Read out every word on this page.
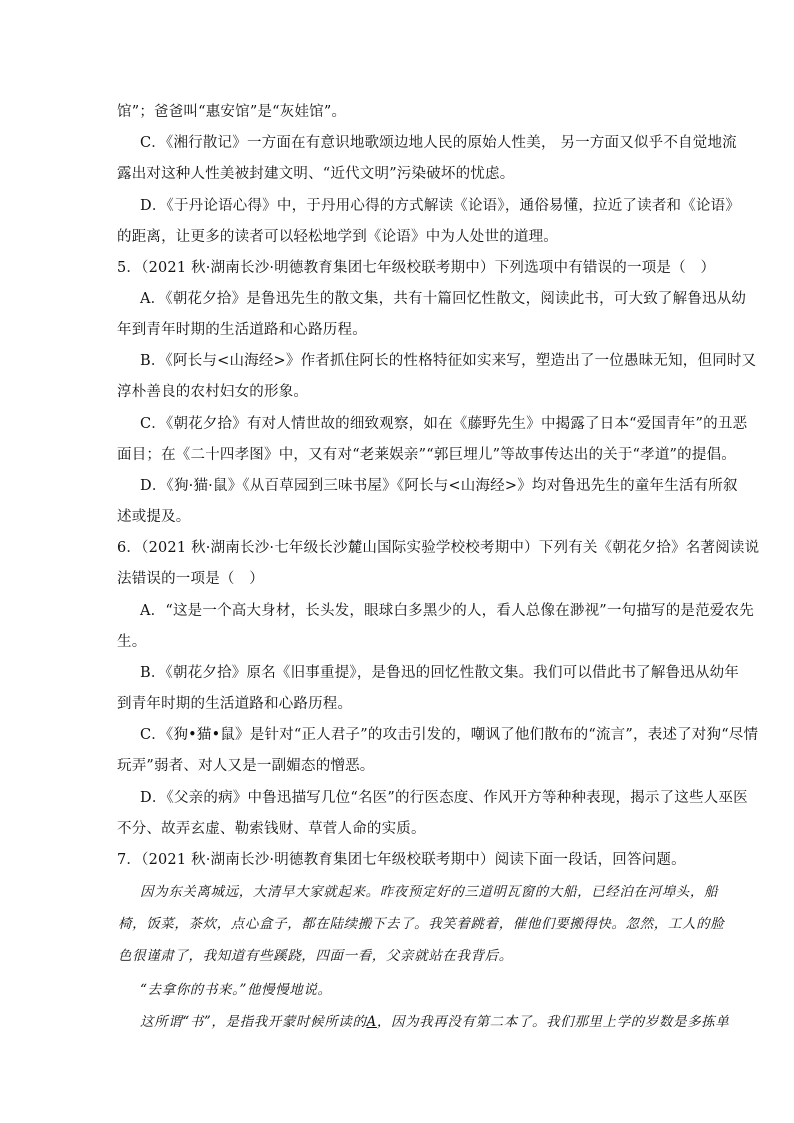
馆”；爸爸叫“惠安馆”是“灰娃馆”。
C．《湘行散记》一方面在有意识地歌颂边地人民的原始人性美， 另一方面又似乎不自觉地流
露出对这种人性美被封建文明、“近代文明”污染破坏的忧虑。
D．《于丹论语心得》中，于丹用心得的方式解读《论语》，通俗易懂，拉近了读者和《论语》
的距离，让更多的读者可以轻松地学到《论语》中为人处世的道理。
5．（2021 秋·湖南长沙·明德教育集团七年级校联考期中）下列选项中有错误的一项是（　）
A．《朝花夕拾》是鲁迅先生的散文集，共有十篇回忆性散文，阅读此书，可大致了解鲁迅从幼
年到青年时期的生活道路和心路历程。
B．《阿长与<山海经>》作者抓住阿长的性格特征如实来写，塑造出了一位愚昧无知，但同时又
淳朴善良的农村妇女的形象。
C．《朝花夕拾》有对人情世故的细致观察，如在《藤野先生》中揭露了日本“爱国青年”的丑恶
面目；在《二十四孝图》中，又有对“老莱娱亲”“郭巨埋儿”等故事传达出的关于“孝道”的提倡。
D．《狗·猫·鼠》《从百草园到三味书屋》《阿长与<山海经>》均对鲁迅先生的童年生活有所叙
述或提及。
6．（2021 秋·湖南长沙·七年级长沙麓山国际实验学校校考期中）下列有关《朝花夕拾》名著阅读说
法错误的一项是（　）
A．“这是一个高大身材，长头发，眼球白多黑少的人，看人总像在渺视”一句描写的是范爱农先
生。
B．《朝花夕拾》原名《旧事重提》，是鲁迅的回忆性散文集。我们可以借此书了解鲁迅从幼年
到青年时期的生活道路和心路历程。
C．《狗•猫•鼠》是针对“正人君子”的攻击引发的，嘲讽了他们散布的“流言”，表述了对狗“尽情
玩弄”弱者、对人又是一副媚态的憎恶。
D．《父亲的病》中鲁迅描写几位“名医”的行医态度、作风开方等种种表现，揭示了这些人巫医
不分、故弄玄虚、勒索钱财、草菅人命的实质。
7．（2021 秋·湖南长沙·明德教育集团七年级校联考期中）阅读下面一段话，回答问题。
因为东关离城远，大清早大家就起来。昨夜预定好的三道明瓦窗的大船，已经泊在河埠头，船
椅，饭菜，茶炊，点心盒子，都在陆续搬下去了。我笑着跳着，催他们要搬得快。忽然，工人的脸
色很谨肃了，我知道有些蹊跷，四面一看，父亲就站在我背后。
“去拿你的书来。”他慢慢地说。
这所谓“书”，是指我开蒙时候所读的A，因为我再没有第二本了。我们那里上学的岁数是多拣单
